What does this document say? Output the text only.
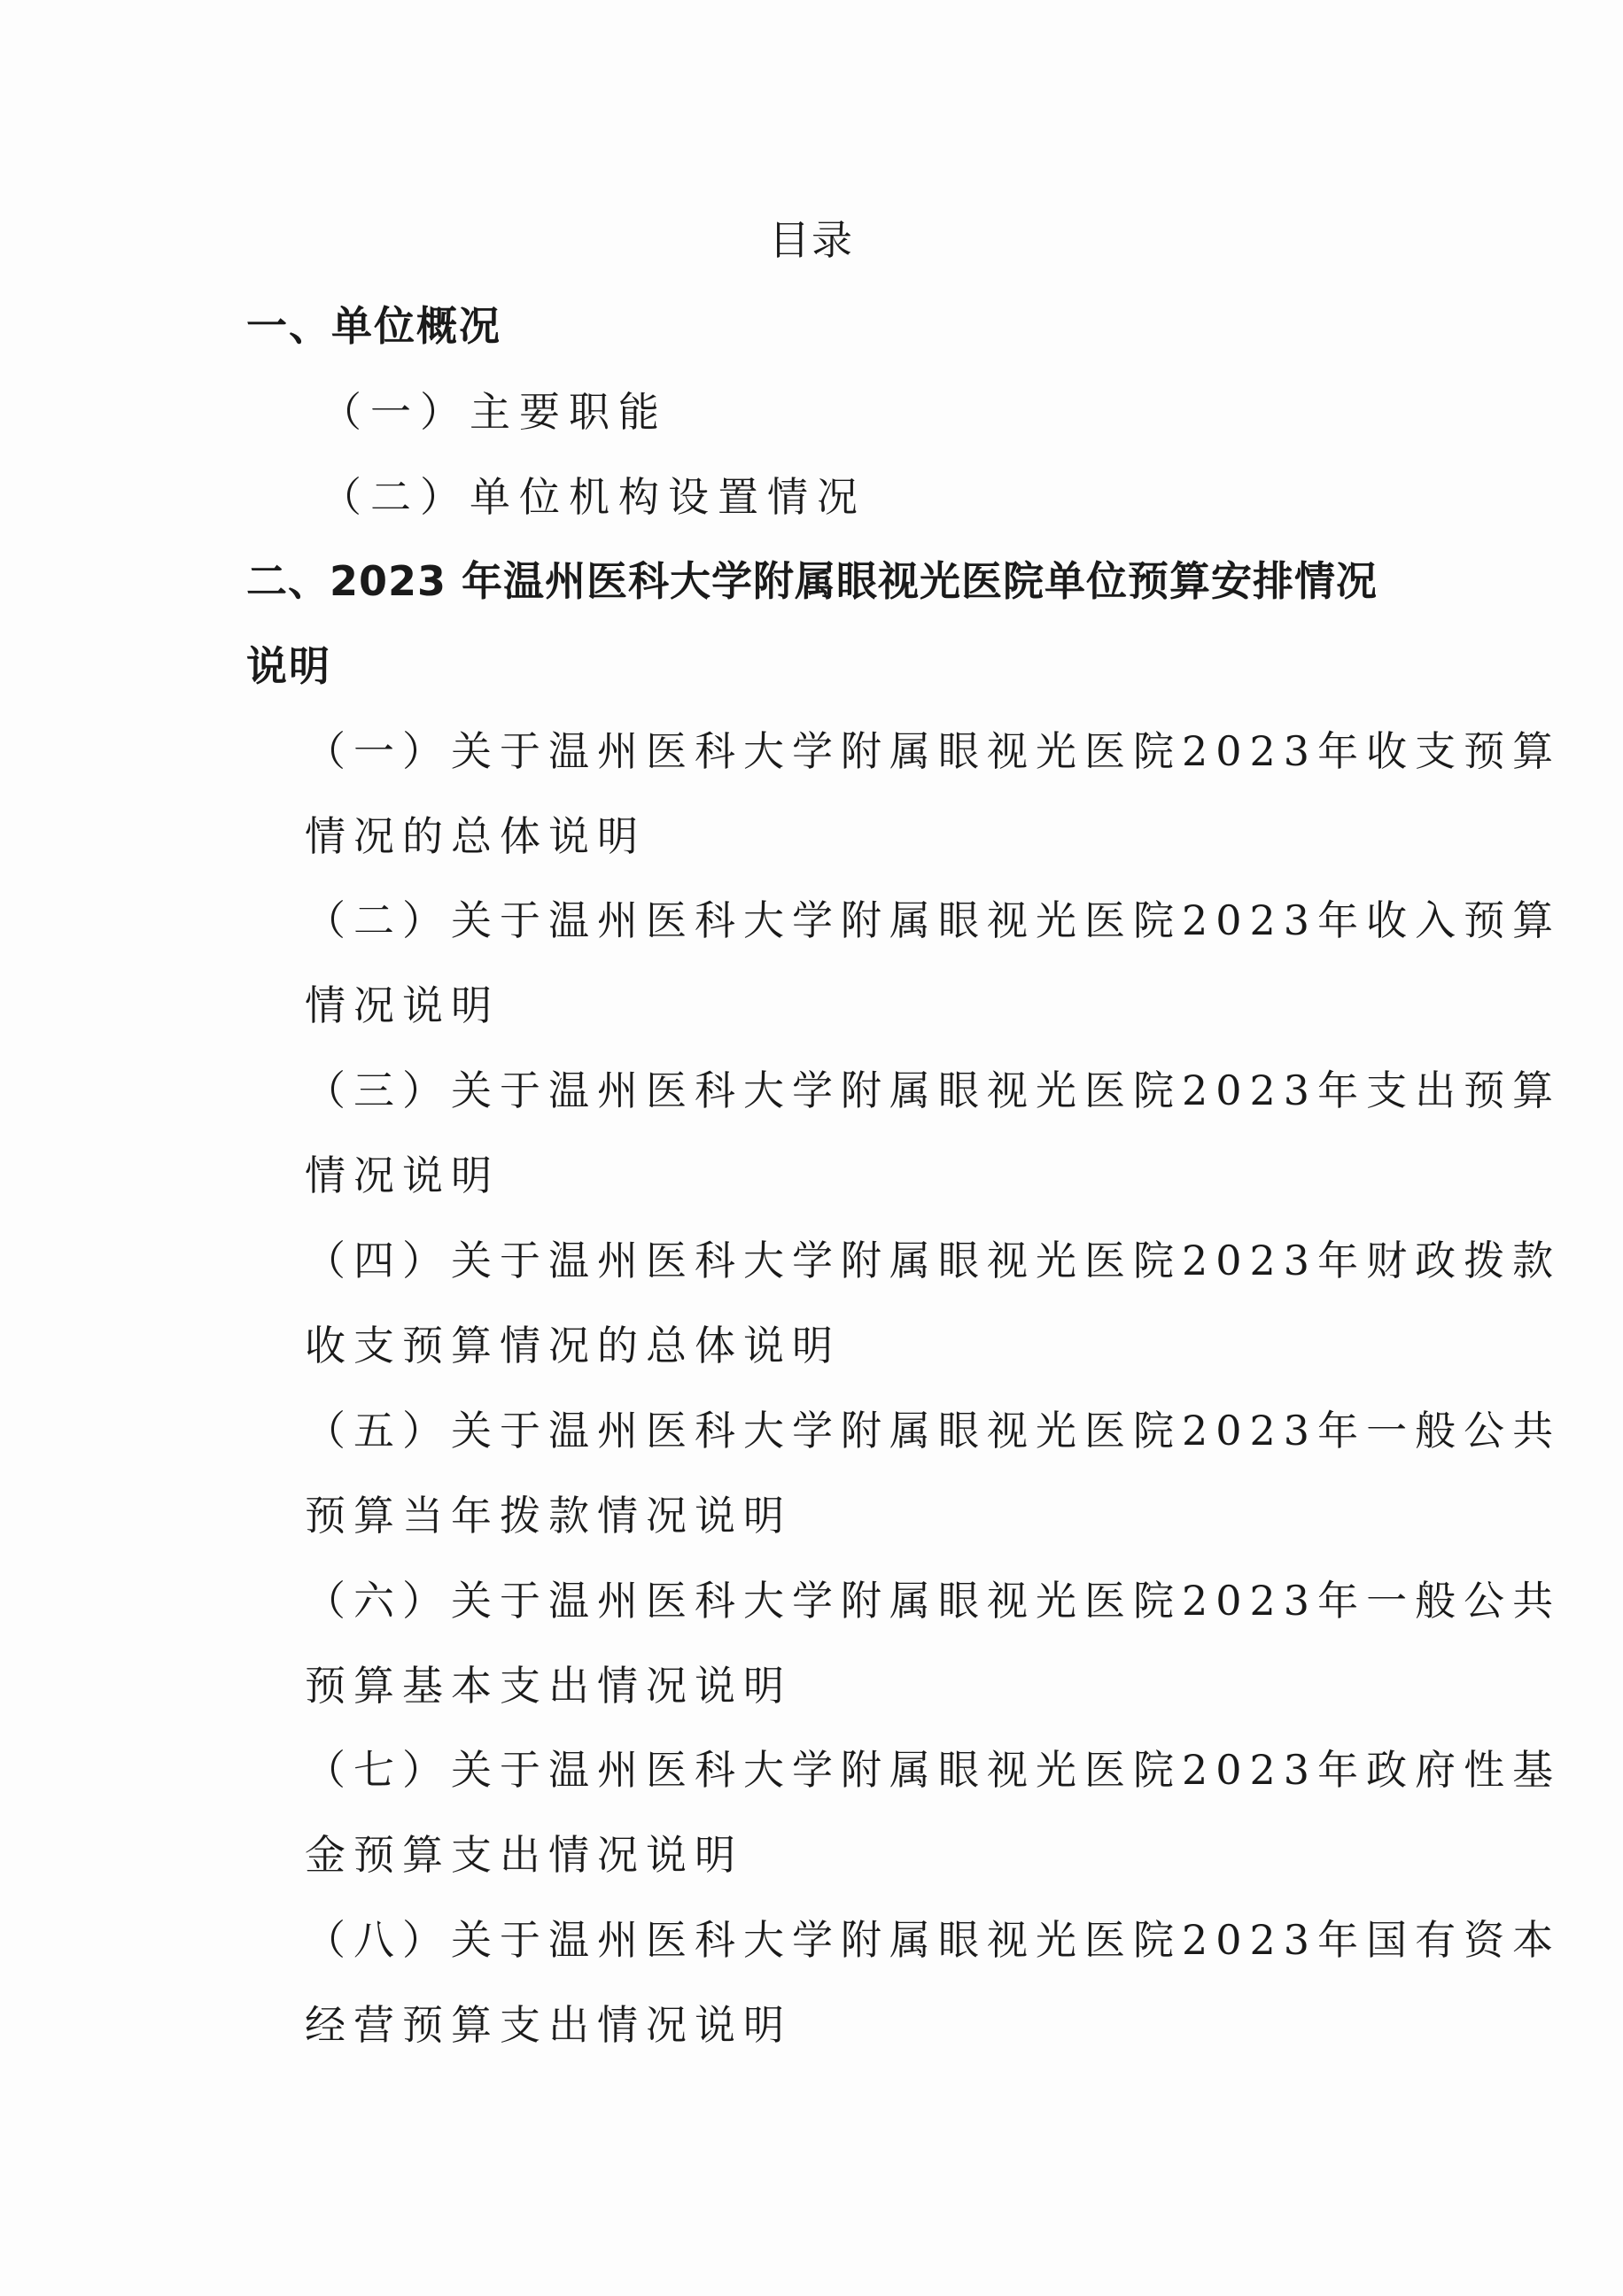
目录
一、单位概况
（一）主要职能
（二）单位机构设置情况
二、2023 年温州医科大学附属眼视光医院单位预算安排情况
说明
（一）关于温州医科大学附属眼视光医院2023年收支预算
情况的总体说明
（二）关于温州医科大学附属眼视光医院2023年收入预算
情况说明
（三）关于温州医科大学附属眼视光医院2023年支出预算
情况说明
（四）关于温州医科大学附属眼视光医院2023年财政拨款
收支预算情况的总体说明
（五）关于温州医科大学附属眼视光医院2023年一般公共
预算当年拨款情况说明
（六）关于温州医科大学附属眼视光医院2023年一般公共
预算基本支出情况说明
（七）关于温州医科大学附属眼视光医院2023年政府性基
金预算支出情况说明
（八）关于温州医科大学附属眼视光医院2023年国有资本
经营预算支出情况说明
